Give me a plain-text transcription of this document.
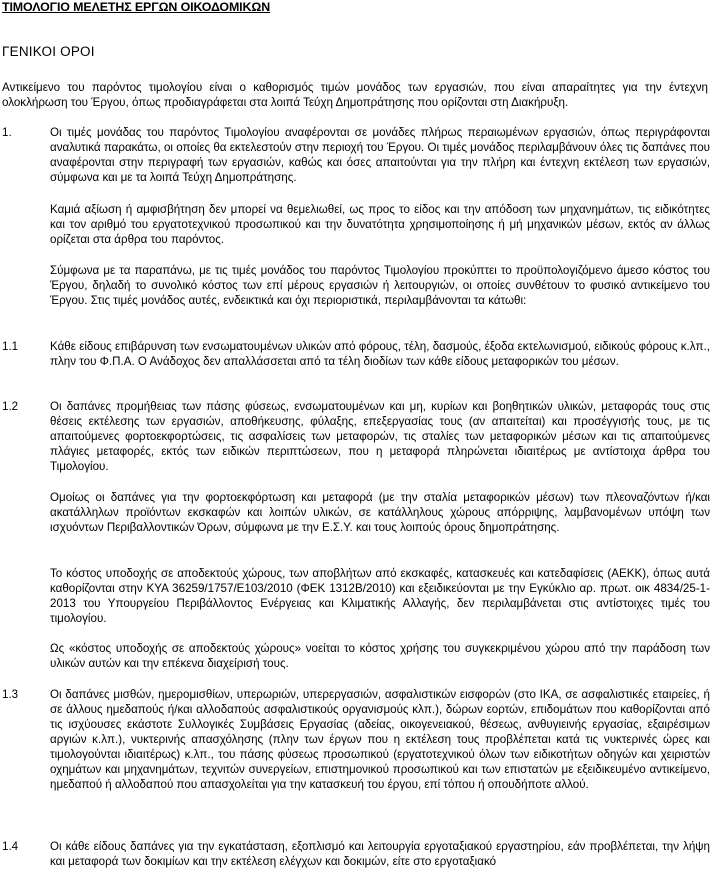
ΤΙΜΟΛΟΓΙΟ ΜΕΛΕΤΗΣ ΕΡΓΩΝ ΟΙΚΟΔΟΜΙΚΩΝ
ΓΕΝΙΚΟΙ ΟΡΟΙ
Αντικείμενο του παρόντος τιμολογίου είναι ο καθορισμός τιμών μονάδος των εργασιών, που είναι απαραίτητες για την έντεχνη ολοκλήρωση του Έργου, όπως προδιαγράφεται στα λοιπά Τεύχη Δημοπράτησης που ορίζονται στη Διακήρυξη.
1.	Οι τιμές μονάδας του παρόντος Τιμολογίου αναφέρονται σε μονάδες πλήρως περαιωμένων εργασιών, όπως περιγράφονται αναλυτικά παρακάτω, οι οποίες θα εκτελεστούν στην περιοχή του Έργου. Οι τιμές μονάδος περιλαμβάνουν όλες τις δαπάνες που αναφέρονται στην περιγραφή των εργασιών, καθώς και όσες απαιτούνται για την πλήρη και έντεχνη εκτέλεση των εργασιών, σύμφωνα και με τα λοιπά Τεύχη Δημοπράτησης.
Καμιά αξίωση ή αμφισβήτηση δεν μπορεί να θεμελιωθεί, ως προς το είδος και την απόδοση των μηχανημάτων, τις ειδικότητες και τον αριθμό του εργατοτεχνικού προσωπικού και την δυνατότητα χρησιμοποίησης ή μή μηχανικών μέσων, εκτός αν άλλως ορίζεται στα άρθρα του παρόντος.
Σύμφωνα με τα παραπάνω, με τις τιμές μονάδος του παρόντος Τιμολογίου προκύπτει το προϋπολογιζόμενο άμεσο κόστος του Έργου, δηλαδή το συνολικό κόστος των επί μέρους εργασιών ή λειτουργιών, οι οποίες συνθέτουν το φυσικό αντικείμενο του Έργου. Στις τιμές μονάδος αυτές, ενδεικτικά και όχι περιοριστικά, περιλαμβάνονται τα κάτωθι:
1.1	Κάθε είδους επιβάρυνση των ενσωματουμένων υλικών από φόρους, τέλη, δασμούς, έξοδα εκτελωνισμού, ειδικούς φόρους κ.λπ., πλην του Φ.Π.Α. Ο Ανάδοχος δεν απαλλάσσεται από τα τέλη διοδίων των κάθε είδους μεταφορικών του μέσων.
1.2	Οι δαπάνες προμήθειας των πάσης φύσεως, ενσωματουμένων και μη, κυρίων και βοηθητικών υλικών, μεταφοράς τους στις θέσεις εκτέλεσης των εργασιών, αποθήκευσης, φύλαξης, επεξεργασίας τους (αν απαιτείται) και προσέγγισής τους, με τις απαιτούμενες φορτοεκφορτώσεις, τις ασφαλίσεις των μεταφορών, τις σταλίες των μεταφορικών μέσων και τις απαιτούμενες πλάγιες μεταφορές, εκτός των ειδικών περιπτώσεων, που η μεταφορά πληρώνεται ιδιαιτέρως με αντίστοιχα άρθρα του Τιμολογίου.
Ομοίως οι δαπάνες για την φορτοεκφόρτωση και μεταφορά (με την σταλία μεταφορικών μέσων) των πλεοναζόντων ή/και ακατάλληλων προϊόντων εκσκαφών και λοιπών υλικών, σε κατάλληλους χώρους απόρριψης, λαμβανομένων υπόψη των ισχυόντων Περιβαλλοντικών Όρων, σύμφωνα με την Ε.Σ.Υ. και τους λοιπούς όρους δημοπράτησης.
Το κόστος υποδοχής σε αποδεκτούς χώρους, των αποβλήτων από εκσκαφές, κατασκευές και κατεδαφίσεις (ΑΕΚΚ), όπως αυτά καθορίζονται στην ΚΥΑ 36259/1757/Ε103/2010 (ΦΕΚ 1312Β/2010) και εξειδικεύονται με την Εγκύκλιο αρ. πρωτ. οικ 4834/25-1-2013 του Υπουργείου Περιβάλλοντος Ενέργειας και Κλιματικής Αλλαγής, δεν περιλαμβάνεται στις αντίστοιχες τιμές του τιμολογίου.
Ως «κόστος υποδοχής σε αποδεκτούς χώρους» νοείται το κόστος χρήσης του συγκεκριμένου χώρου από την παράδοση των υλικών αυτών και την επέκενα διαχείρισή τους.
1.3	Οι δαπάνες μισθών, ημερομισθίων, υπερωριών, υπερεργασιών, ασφαλιστικών εισφορών (στο ΙΚΑ, σε ασφαλιστικές εταιρείες, ή σε άλλους ημεδαπούς ή/και αλλοδαπούς ασφαλιστικούς οργανισμούς κλπ.), δώρων εορτών, επιδομάτων που καθορίζονται από τις ισχύουσες εκάστοτε Συλλογικές Συμβάσεις Εργασίας (αδείας, οικογενειακού, θέσεως, ανθυγιεινής εργασίας, εξαιρέσιμων αργιών κ.λπ.), νυκτερινής απασχόλησης (πλην των έργων που η εκτέλεση τους προβλέπεται κατά τις νυκτερινές ώρες και τιμολογούνται ιδιαιτέρως) κ.λπ., του πάσης φύσεως προσωπικού (εργατοτεχνικού όλων των ειδικοτήτων οδηγών και χειριστών οχημάτων και μηχανημάτων, τεχνιτών συνεργείων, επιστημονικού προσωπικού και των επιστατών με εξειδικευμένο αντικείμενο, ημεδαπού ή αλλοδαπού που απασχολείται για την κατασκευή του έργου, επί τόπου ή οπουδήποτε αλλού.
1.4	Οι κάθε είδους δαπάνες για την εγκατάσταση, εξοπλισμό και λειτουργία εργοταξιακού εργαστηρίου, εάν προβλέπεται, την λήψη και μεταφορά των δοκιμίων και την εκτέλεση ελέγχων και δοκιμών, είτε στο εργοταξιακό
